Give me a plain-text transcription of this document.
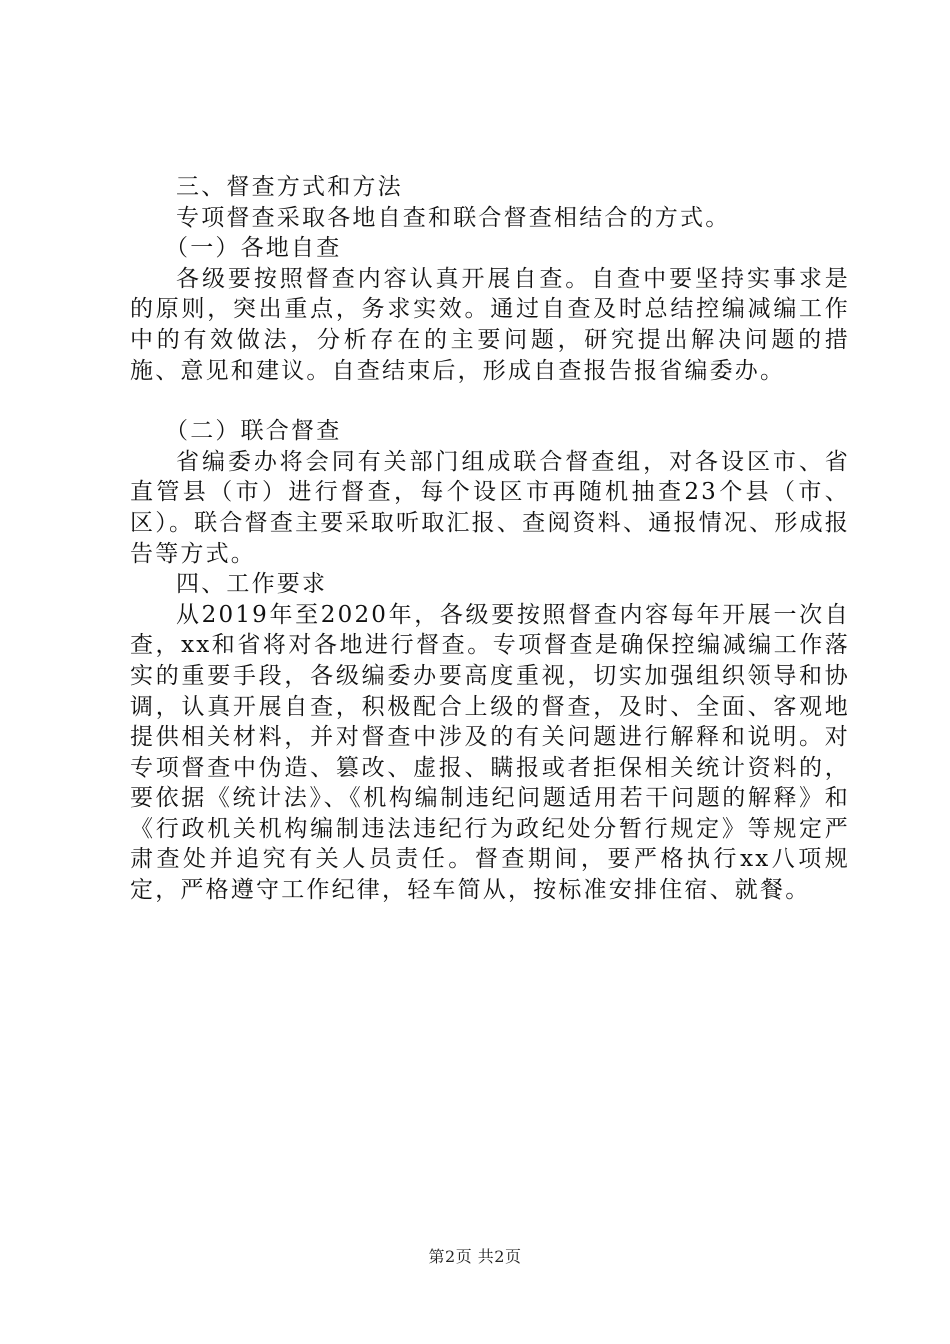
三、督查方式和方法

专项督查采取各地自查和联合督查相结合的方式。

（一）各地自查

各级要按照督查内容认真开展自查。自查中要坚持实事求是的原则，突出重点，务求实效。通过自查及时总结控编减编工作中的有效做法，分析存在的主要问题，研究提出解决问题的措施、意见和建议。自查结束后，形成自查报告报省编委办。

（二）联合督查

省编委办将会同有关部门组成联合督查组，对各设区市、省直管县（市）进行督查，每个设区市再随机抽查23个县（市、区）。联合督查主要采取听取汇报、查阅资料、通报情况、形成报告等方式。

四、工作要求

从2019年至2020年，各级要按照督查内容每年开展一次自查，xx和省将对各地进行督查。专项督查是确保控编减编工作落实的重要手段，各级编委办要高度重视，切实加强组织领导和协调，认真开展自查，积极配合上级的督查，及时、全面、客观地提供相关材料，并对督查中涉及的有关问题进行解释和说明。对专项督查中伪造、篡改、虚报、瞒报或者拒保相关统计资料的，要依据《统计法》、《机构编制违纪问题适用若干问题的解释》和《行政机关机构编制违法违纪行为政纪处分暂行规定》等规定严肃查处并追究有关人员责任。督查期间，要严格执行xx八项规定，严格遵守工作纪律，轻车简从，按标准安排住宿、就餐。

第2页 共2页
